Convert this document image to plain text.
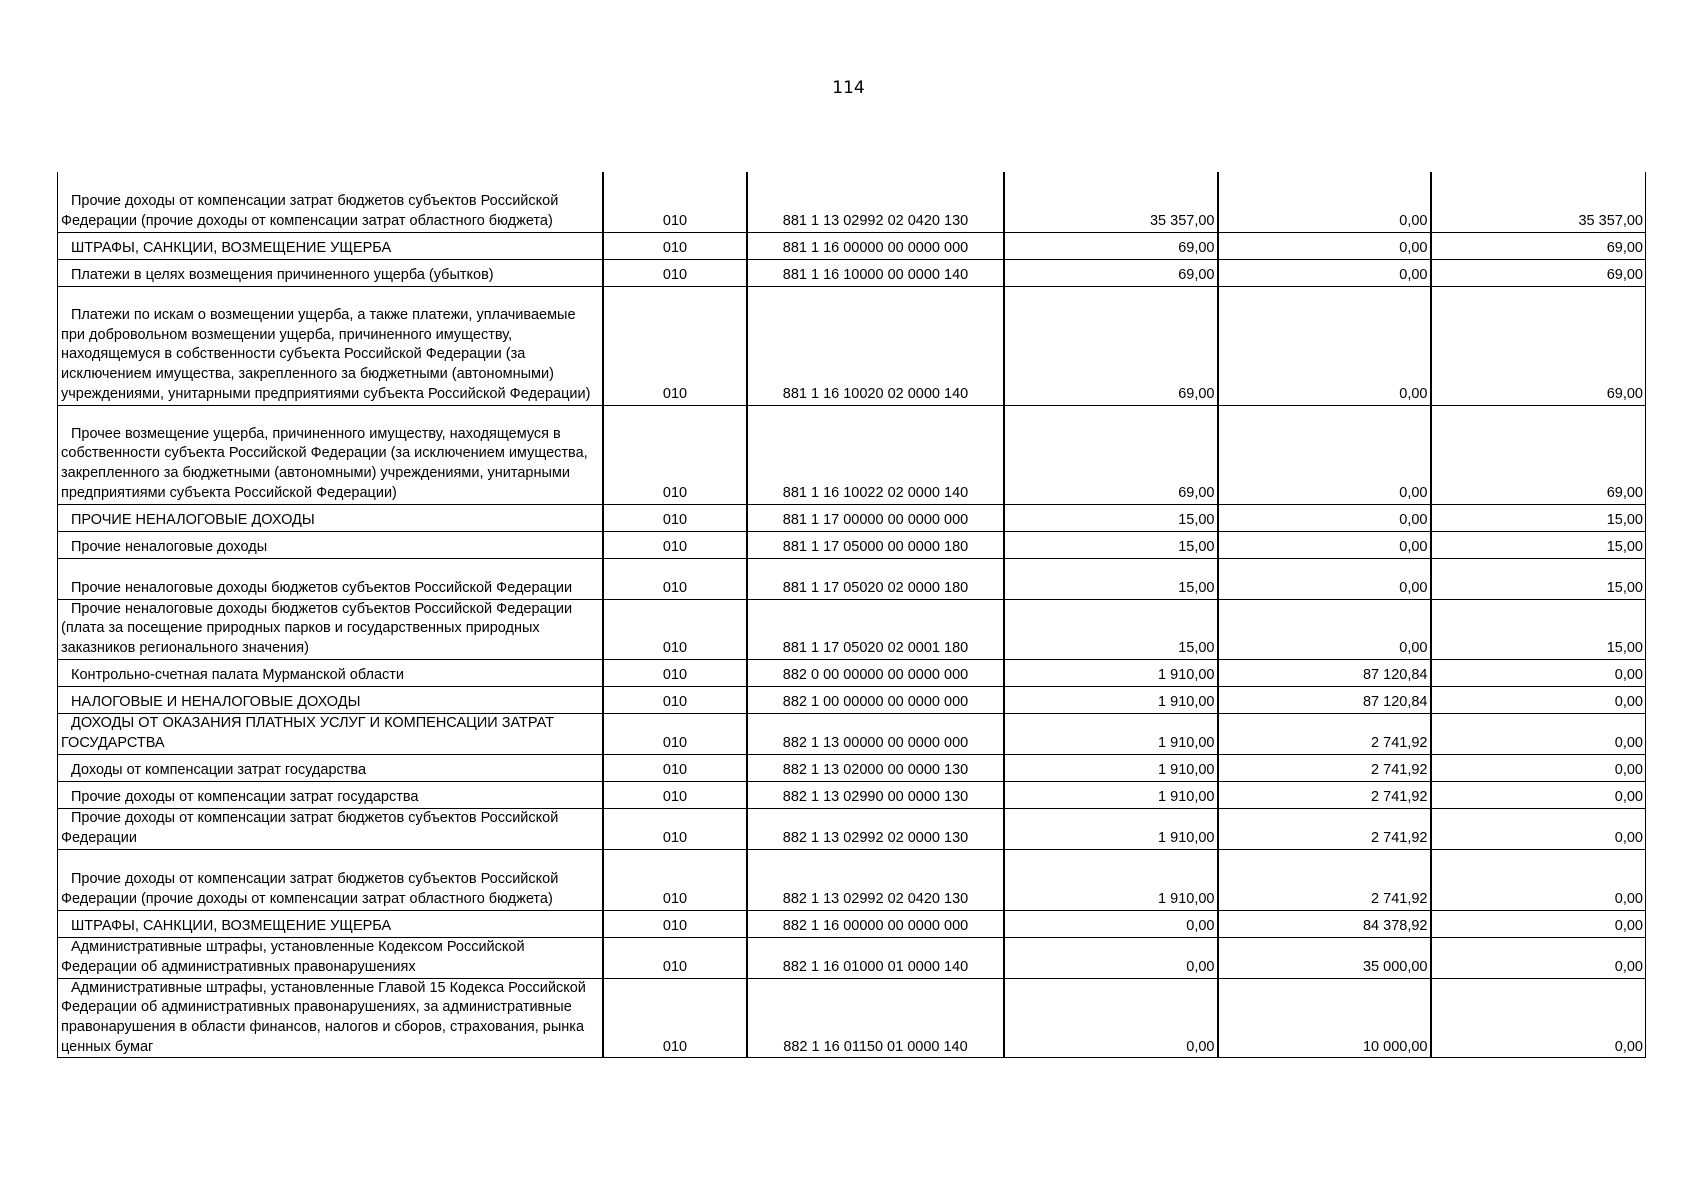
114
Прочие доходы от компенсации затрат бюджетов субъектов Российской Федерации (прочие доходы от компенсации затрат областного бюджета)	010	881 1 13 02992 02 0420 130	35 357,00	0,00	35 357,00

ШТРАФЫ, САНКЦИИ, ВОЗМЕЩЕНИЕ УЩЕРБА	010	881 1 16 00000 00 0000 000	69,00	0,00	69,00

Платежи в целях возмещения причиненного ущерба (убытков)	010	881 1 16 10000 00 0000 140	69,00	0,00	69,00

Платежи по искам о возмещении ущерба, а также платежи, уплачиваемые при добровольном возмещении ущерба, причиненного имуществу, находящемуся в собственности субъекта Российской Федерации (за исключением имущества, закрепленного за бюджетными (автономными) учреждениями, унитарными предприятиями субъекта Российской Федерации)	010	881 1 16 10020 02 0000 140	69,00	0,00	69,00

Прочее возмещение ущерба, причиненного имуществу, находящемуся в собственности субъекта Российской Федерации (за исключением имущества, закрепленного за бюджетными (автономными) учреждениями, унитарными предприятиями субъекта Российской Федерации)	010	881 1 16 10022 02 0000 140	69,00	0,00	69,00

ПРОЧИЕ НЕНАЛОГОВЫЕ ДОХОДЫ	010	881 1 17 00000 00 0000 000	15,00	0,00	15,00

Прочие неналоговые доходы	010	881 1 17 05000 00 0000 180	15,00	0,00	15,00

Прочие неналоговые доходы бюджетов субъектов Российской Федерации	010	881 1 17 05020 02 0000 180	15,00	0,00	15,00

Прочие неналоговые доходы бюджетов субъектов Российской Федерации (плата за посещение природных парков и государственных природных заказников регионального значения)	010	881 1 17 05020 02 0001 180	15,00	0,00	15,00

Контрольно-счетная палата Мурманской области	010	882 0 00 00000 00 0000 000	1 910,00	87 120,84	0,00

НАЛОГОВЫЕ И НЕНАЛОГОВЫЕ ДОХОДЫ	010	882 1 00 00000 00 0000 000	1 910,00	87 120,84	0,00

ДОХОДЫ ОТ ОКАЗАНИЯ ПЛАТНЫХ УСЛУГ И КОМПЕНСАЦИИ ЗАТРАТ ГОСУДАРСТВА	010	882 1 13 00000 00 0000 000	1 910,00	2 741,92	0,00

Доходы от компенсации затрат государства	010	882 1 13 02000 00 0000 130	1 910,00	2 741,92	0,00

Прочие доходы от компенсации затрат государства	010	882 1 13 02990 00 0000 130	1 910,00	2 741,92	0,00

Прочие доходы от компенсации затрат бюджетов субъектов Российской Федерации	010	882 1 13 02992 02 0000 130	1 910,00	2 741,92	0,00

Прочие доходы от компенсации затрат бюджетов субъектов Российской Федерации (прочие доходы от компенсации затрат областного бюджета)	010	882 1 13 02992 02 0420 130	1 910,00	2 741,92	0,00

ШТРАФЫ, САНКЦИИ, ВОЗМЕЩЕНИЕ УЩЕРБА	010	882 1 16 00000 00 0000 000	0,00	84 378,92	0,00

Административные штрафы, установленные Кодексом Российской Федерации об административных правонарушениях	010	882 1 16 01000 01 0000 140	0,00	35 000,00	0,00

Административные штрафы, установленные Главой 15 Кодекса Российской Федерации об административных правонарушениях, за административные правонарушения в области финансов, налогов и сборов, страхования, рынка ценных бумаг	010	882 1 16 01150 01 0000 140	0,00	10 000,00	0,00
